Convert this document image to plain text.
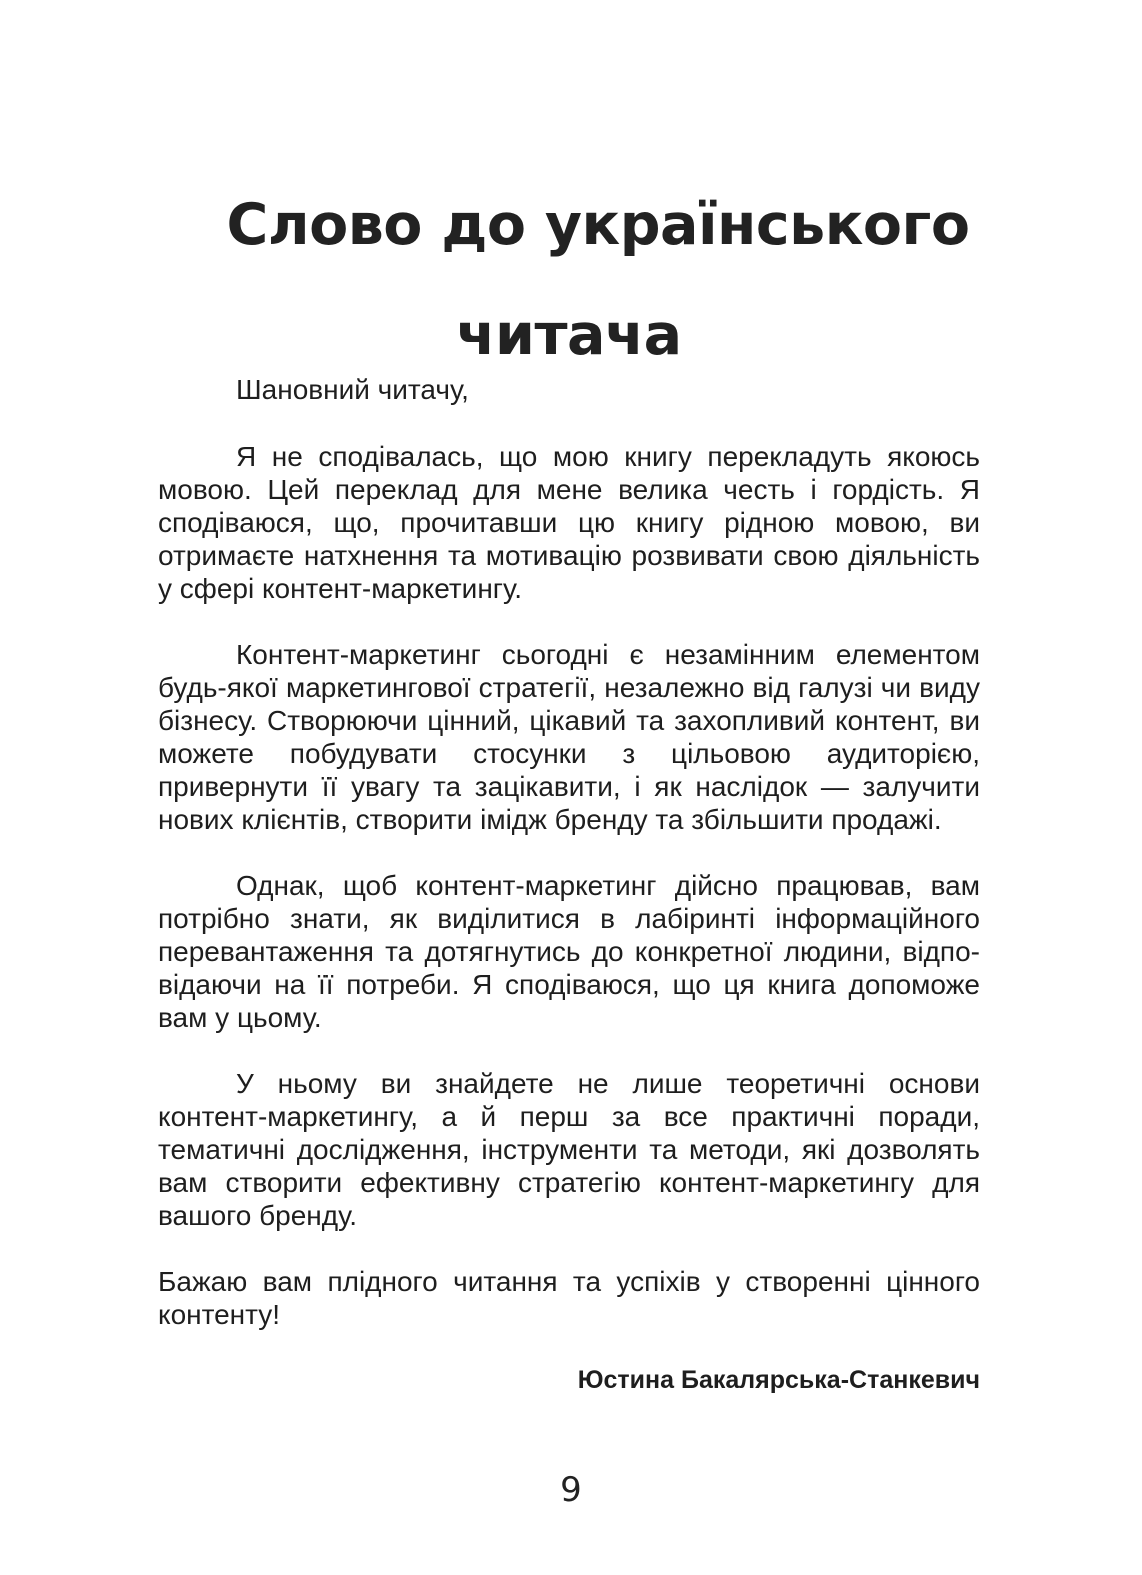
Слово до українського
читача

Шановний читачу,

Я не сподівалась, що мою книгу перекладуть якоюсь мовою. Цей переклад для мене велика честь і гордість. Я сподіваюся, що, прочитавши цю книгу рідною мовою, ви отримаєте натхнення та мотивацію розвивати свою діяльність у сфері контент-маркетингу.

Контент-маркетинг сьогодні є незамінним елементом будь-якої маркетингової стратегії, незалежно від галузі чи виду бізнесу. Створюючи цінний, цікавий та захопливий контент, ви можете побудувати стосунки з цільовою аудиторією, привернути її увагу та зацікавити, і як наслідок — залучити нових клієнтів, створити імідж бренду та збільшити продажі.

Однак, щоб контент-маркетинг дійсно працював, вам потрібно знати, як виділитися в лабіринті інформаційного перевантаження та дотягнутись до конкретної людини, відповідаючи на її потреби. Я сподіваюся, що ця книга допоможе вам у цьому.

У ньому ви знайдете не лише теоретичні основи контент-маркетингу, а й перш за все практичні поради, тематичні дослідження, інструменти та методи, які дозволять вам створити ефективну стратегію контент-маркетингу для вашого бренду.

Бажаю вам плідного читання та успіхів у створенні цінного контенту!

Юстина Бакалярська-Станкевич

9
